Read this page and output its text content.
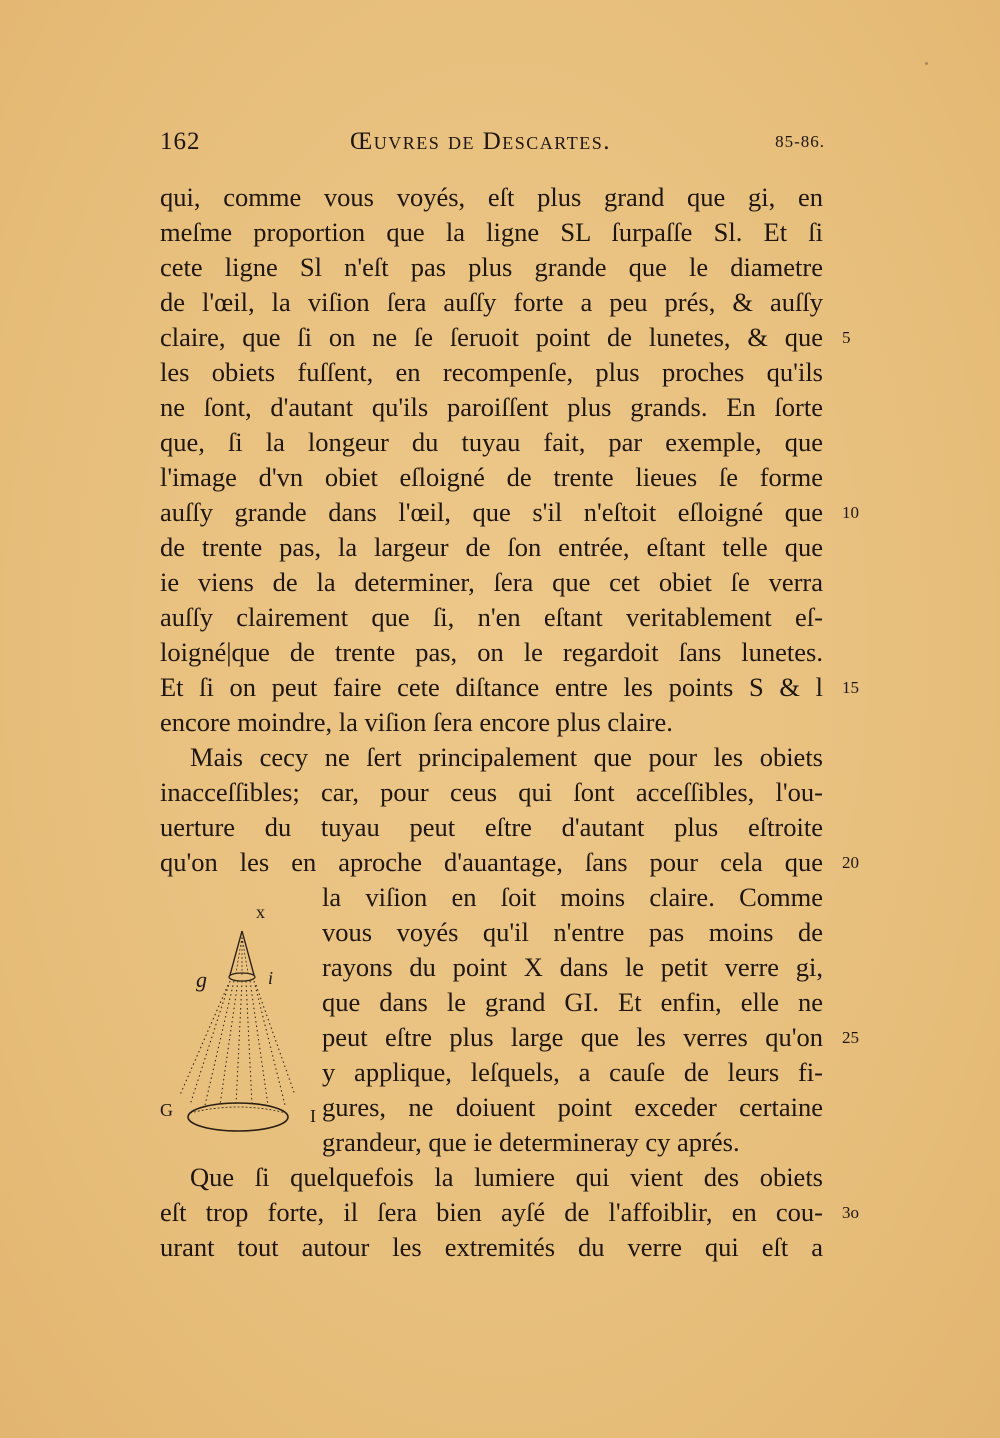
162	Œuvres de Descartes.	85-86.
qui, comme vous voyés, eſt plus grand que gi, en
meſme proportion que la ligne SL ſurpaſſe Sl. Et ſi
cete ligne Sl n'eſt pas plus grande que le diametre
de l'œil, la viſion ſera auſſy forte a peu prés, & auſſy
claire, que ſi on ne ſe ſeruoit point de lunetes, & que
les obiets fuſſent, en recompenſe, plus proches qu'ils
ne ſont, d'autant qu'ils paroiſſent plus grands. En ſorte
que, ſi la longeur du tuyau fait, par exemple, que
l'image d'vn obiet eſloigné de trente lieues ſe forme
auſſy grande dans l'œil, que s'il n'eſtoit eſloigné que
de trente pas, la largeur de ſon entrée, eſtant telle que
ie viens de la determiner, ſera que cet obiet ſe verra
auſſy clairement que ſi, n'en eſtant veritablement eſ-
loigné|que de trente pas, on le regardoit ſans lunetes.
Et ſi on peut faire cete diſtance entre les points S & l
encore moindre, la viſion ſera encore plus claire.
Mais cecy ne ſert principalement que pour les obiets
inacceſſibles; car, pour ceus qui ſont acceſſibles, l'ou-
uerture du tuyau peut eſtre d'autant plus eſtroite
qu'on les en aproche d'auantage, ſans pour cela que
la viſion en ſoit moins claire. Comme
vous voyés qu'il n'entre pas moins de
rayons du point X dans le petit verre gi,
que dans le grand GI. Et enfin, elle ne
peut eſtre plus large que les verres qu'on
y applique, leſquels, a cauſe de leurs fi-
gures, ne doiuent point exceder certaine
grandeur, que ie determineray cy aprés.
Que ſi quelquefois la lumiere qui vient des obiets
eſt trop forte, il ſera bien ayſé de l'affoiblir, en cou-
urant tout autour les extremités du verre qui eſt a
5
10
15
20
25
3o
x
g	i
G	I
